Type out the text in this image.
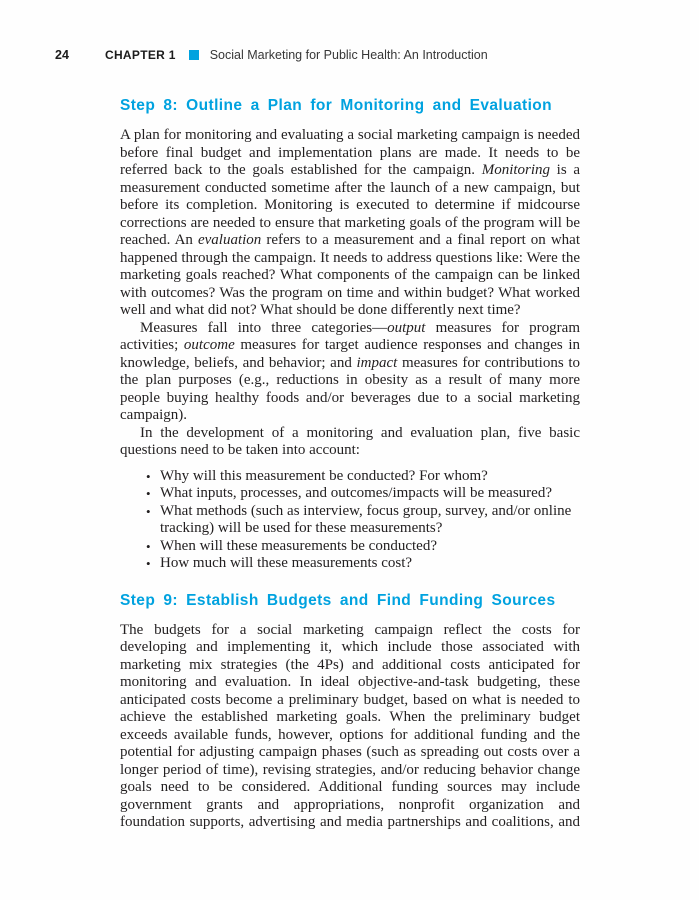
24	CHAPTER 1	Social Marketing for Public Health: An Introduction
Step 8: Outline a Plan for Monitoring and Evaluation

A plan for monitoring and evaluating a social marketing campaign is needed before final budget and implementation plans are made. It needs to be referred back to the goals established for the campaign. Monitoring is a measurement conducted sometime after the launch of a new campaign, but before its completion. Monitoring is executed to determine if midcourse corrections are needed to ensure that marketing goals of the program will be reached. An evaluation refers to a measurement and a final report on what happened through the campaign. It needs to address questions like: Were the marketing goals reached? What components of the campaign can be linked with outcomes? Was the program on time and within budget? What worked well and what did not? What should be done differently next time?

Measures fall into three categories—output measures for program activities; outcome measures for target audience responses and changes in knowledge, beliefs, and behavior; and impact measures for contributions to the plan purposes (e.g., reductions in obesity as a result of many more people buying healthy foods and/or beverages due to a social marketing campaign).

In the development of a monitoring and evaluation plan, five basic questions need to be taken into account:

• Why will this measurement be conducted? For whom?
• What inputs, processes, and outcomes/impacts will be measured?
• What methods (such as interview, focus group, survey, and/or online tracking) will be used for these measurements?
• When will these measurements be conducted?
• How much will these measurements cost?
Step 9: Establish Budgets and Find Funding Sources

The budgets for a social marketing campaign reflect the costs for developing and implementing it, which include those associated with marketing mix strategies (the 4Ps) and additional costs anticipated for monitoring and evaluation. In ideal objective-and-task budgeting, these anticipated costs become a preliminary budget, based on what is needed to achieve the established marketing goals. When the preliminary budget exceeds available funds, however, options for additional funding and the potential for adjusting campaign phases (such as spreading out costs over a longer period of time), revising strategies, and/or reducing behavior change goals need to be considered. Additional funding sources may include government grants and appropriations, nonprofit organization and foundation supports, advertising and media partnerships and coalitions, and
